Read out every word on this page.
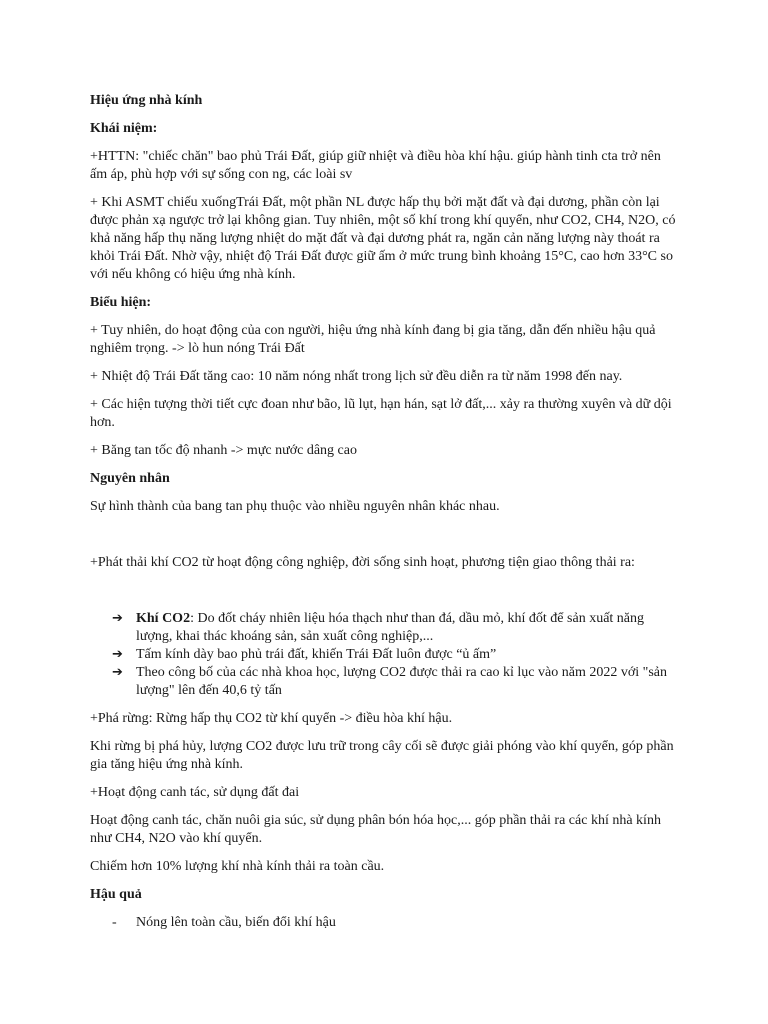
Hiệu ứng nhà kính

Khái niệm:

+HTTN: "chiếc chăn" bao phủ Trái Đất, giúp giữ nhiệt và điều hòa khí hậu. giúp hành tinh cta trở nên ấm áp, phù hợp với sự sống con ng, các loài sv

+ Khi ASMT chiếu xuốngTrái Đất, một phần NL được hấp thụ bởi mặt đất và đại dương, phần còn lại được phản xạ ngược trở lại không gian. Tuy nhiên, một số khí trong khí quyển, như CO2, CH4, N2O, có khả năng hấp thụ năng lượng nhiệt do mặt đất và đại dương phát ra, ngăn cản năng lượng này thoát ra khỏi Trái Đất. Nhờ vậy, nhiệt độ Trái Đất được giữ ấm ở mức trung bình khoảng 15°C, cao hơn 33°C so với nếu không có hiệu ứng nhà kính.

Biểu hiện:

+ Tuy nhiên, do hoạt động của con người, hiệu ứng nhà kính đang bị gia tăng, dẫn đến nhiều hậu quả nghiêm trọng. -> lò hun nóng Trái Đất

+ Nhiệt độ Trái Đất tăng cao: 10 năm nóng nhất trong lịch sử đều diễn ra từ năm 1998 đến nay.

+ Các hiện tượng thời tiết cực đoan như bão, lũ lụt, hạn hán, sạt lở đất,... xảy ra thường xuyên và dữ dội hơn.

+ Băng tan tốc độ nhanh -> mực nước dâng cao

Nguyên nhân

Sự hình thành của bang tan phụ thuộc vào nhiều nguyên nhân khác nhau.

+Phát thải khí CO2 từ hoạt động công nghiệp, đời sống sinh hoạt, phương tiện giao thông thải ra:

➔ Khí CO2: Do đốt cháy nhiên liệu hóa thạch như than đá, dầu mỏ, khí đốt để sản xuất năng lượng, khai thác khoáng sản, sản xuất công nghiệp,...
➔ Tấm kính dày bao phủ trái đất, khiến Trái Đất luôn được “ủ ấm”
➔ Theo công bố của các nhà khoa học, lượng CO2 được thải ra cao kỉ lục vào năm 2022 với "sản lượng" lên đến 40,6 tỷ tấn

+Phá rừng: Rừng hấp thụ CO2 từ khí quyển -> điều hòa khí hậu.

Khi rừng bị phá hủy, lượng CO2 được lưu trữ trong cây cối sẽ được giải phóng vào khí quyển, góp phần gia tăng hiệu ứng nhà kính.

+Hoạt động canh tác, sử dụng đất đai

Hoạt động canh tác, chăn nuôi gia súc, sử dụng phân bón hóa học,... góp phần thải ra các khí nhà kính như CH4, N2O vào khí quyển.

Chiếm hơn 10% lượng khí nhà kính thải ra toàn cầu.

Hậu quả

- Nóng lên toàn cầu, biến đổi khí hậu
